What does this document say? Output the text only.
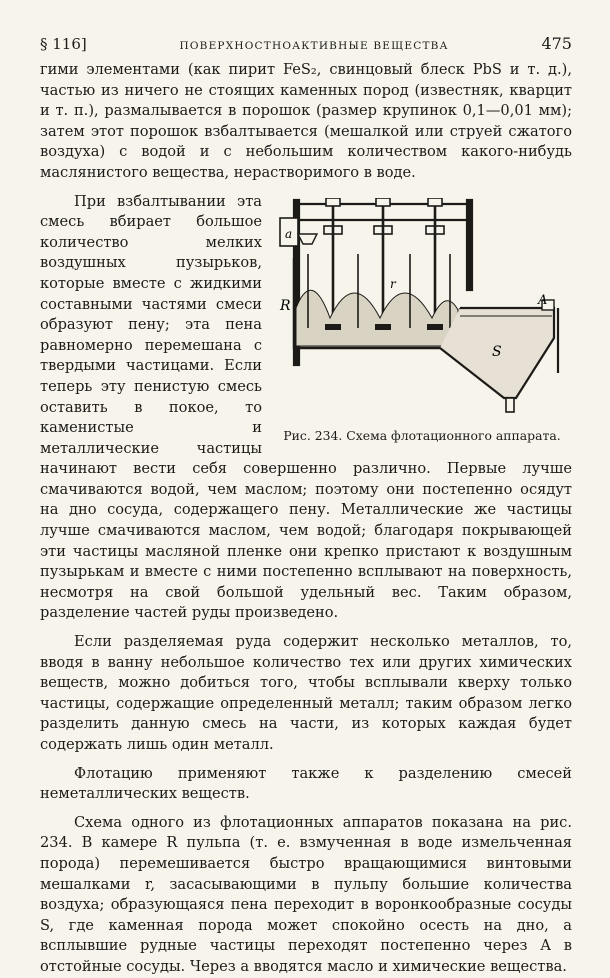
§ 116]	ПОВЕРХНОСТНОАКТИВНЫЕ ВЕЩЕСТВА	475

гими элементами (как пирит FeS₂, свинцовый блеск PbS и т. д.), частью из ничего не стоящих каменных пород (известняк, кварцит и т. п.), размалывается в порошок (размер крупинок 0,1—0,01 мм); затем этот порошок взбалтывается (мешалкой или струей сжатого воздуха) с водой и с небольшим количеством какого-нибудь маслянистого вещества, нерастворимого в воде.

a
R
r
S
A
Рис. 234. Схема флотационного аппарата.

При взбалтывании эта смесь вбирает большое количество мелких воздушных пузырьков, которые вместе с жидкими составными частями смеси образуют пену; эта пена равномерно перемешана с твердыми частицами. Если теперь эту пенистую смесь оставить в покое, то каменистые и металлические частицы начинают вести себя совершенно различно. Первые лучше смачиваются водой, чем маслом; поэтому они постепенно осядут на дно сосуда, содержащего пену. Металлические же частицы лучше смачиваются маслом, чем водой; благодаря покрывающей эти частицы масляной пленке они крепко пристают к воздушным пузырькам и вместе с ними постепенно всплывают на поверхность, несмотря на свой большой удельный вес. Таким образом, разделение частей руды произведено.

Если разделяемая руда содержит несколько металлов, то, вводя в ванну небольшое количество тех или других химических веществ, можно добиться того, чтобы всплывали кверху только частицы, содержащие определенный металл; таким образом легко разделить данную смесь на части, из которых каждая будет содержать лишь один металл.

Флотацию применяют также к разделению смесей неметаллических веществ.

Схема одного из флотационных аппаратов показана на рис. 234. В камере R пульпа (т. е. взмученная в воде измельченная порода) перемешивается быстро вращающимися винтовыми мешалками r, засасывающими в пульпу большие количества воздуха; образующаяся пена переходит в воронкообразные сосуды S, где каменная порода может спокойно осесть на дно, а всплывшие рудные частицы переходят постепенно через A в отстойные сосуды. Через a вводятся масло и химические вещества.
